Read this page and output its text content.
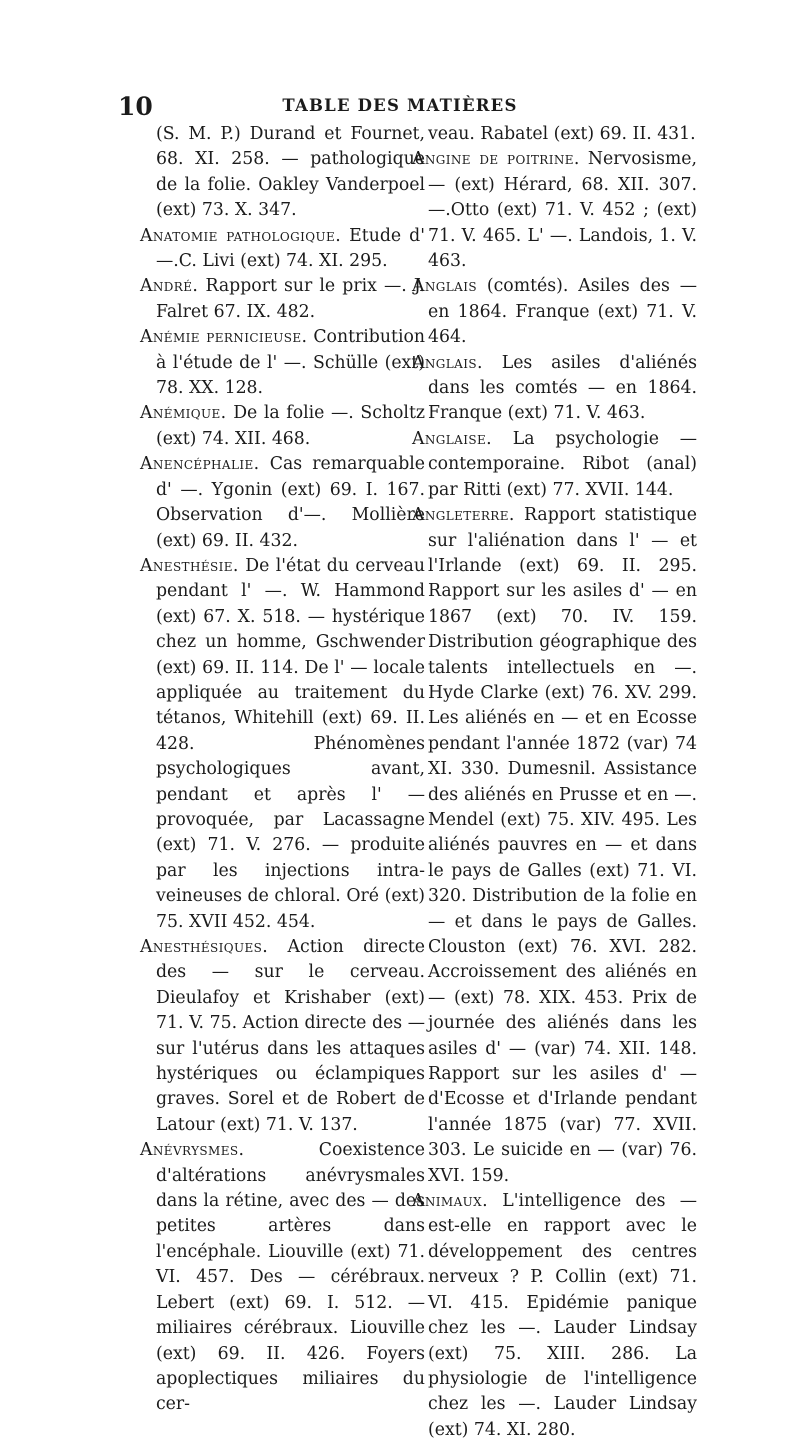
10	TABLE DES MATIÈRES

(S. M. P.) Durand et Fournet, 68. XI. 258. — pathologique de la folie. Oakley Vanderpoel (ext) 73. X. 347.

Anatomie pathologique. Etude d' —.C. Livi (ext) 74. XI. 295.

André. Rapport sur le prix —. J. Falret 67. IX. 482.

Anémie pernicieuse. Contribution à l'étude de l' —. Schülle (ext) 78. XX. 128.

Anémique. De la folie —. Scholtz (ext) 74. XII. 468.

Anencéphalie. Cas remarquable d' —. Ygonin (ext) 69. I. 167. Observation d'—. Mollière (ext) 69. II. 432.

Anesthésie. De l'état du cerveau pendant l' —. W. Hammond (ext) 67. X. 518. — hystérique chez un homme, Gschwender (ext) 69. II. 114. De l' — locale appliquée au traitement du tétanos, Whitehill (ext) 69. II. 428. Phénomènes psychologiques avant, pendant et après l' — provoquée, par Lacassagne (ext) 71. V. 276. — produite par les injections intra-veineuses de chloral. Oré (ext) 75. XVII 452. 454.

Anesthésiques. Action directe des — sur le cerveau. Dieulafoy et Krishaber (ext) 71. V. 75. Action directe des — sur l'utérus dans les attaques hystériques ou éclampiques graves. Sorel et de Robert de Latour (ext) 71. V. 137.

Anévrysmes.	Coexistence d'altérations anévrysmales dans la rétine, avec des — des petites artères dans l'encéphale. Liouville (ext) 71. VI. 457. Des — cérébraux. Lebert (ext) 69. I. 512. — miliaires cérébraux. Liouville (ext) 69. II. 426. Foyers apoplectiques miliaires du cer-

veau. Rabatel (ext) 69. II. 431.

Angine de poitrine. Nervosisme, — (ext) Hérard, 68. XII. 307. —.Otto (ext) 71. V. 452 ; (ext) 71. V. 465. L' —. Landois, 1. V. 463.

Anglais (comtés). Asiles des — en 1864. Franque (ext) 71. V. 464.

Anglais. Les asiles d'aliénés dans les comtés — en 1864. Franque (ext) 71. V. 463.

Anglaise. La psychologie — contemporaine. Ribot (anal) par Ritti (ext) 77. XVII. 144.

Angleterre. Rapport statistique sur l'aliénation dans l' — et l'Irlande (ext) 69. II. 295. Rapport sur les asiles d' — en 1867 (ext) 70. IV. 159. Distribution géographique des talents intellectuels en —. Hyde Clarke (ext) 76. XV. 299. Les aliénés en — et en Ecosse pendant l'année 1872 (var) 74 XI. 330. Dumesnil. Assistance des aliénés en Prusse et en —. Mendel (ext) 75. XIV. 495. Les aliénés pauvres en — et dans le pays de Galles (ext) 71. VI. 320. Distribution de la folie en — et dans le pays de Galles. Clouston (ext) 76. XVI. 282. Accroissement des aliénés en — (ext) 78. XIX. 453. Prix de journée des aliénés dans les asiles d' — (var) 74. XII. 148. Rapport sur les asiles d' — d'Ecosse et d'Irlande pendant l'année 1875 (var) 77. XVII. 303. Le suicide en — (var) 76. XVI. 159.

Animaux. L'intelligence des — est-elle en rapport avec le développement des centres nerveux ? P. Collin (ext) 71. VI. 415. Epidémie panique chez les —. Lauder Lindsay (ext) 75. XIII. 286. La physiologie de l'intelligence chez les —. Lauder Lindsay (ext) 74. XI. 280.
